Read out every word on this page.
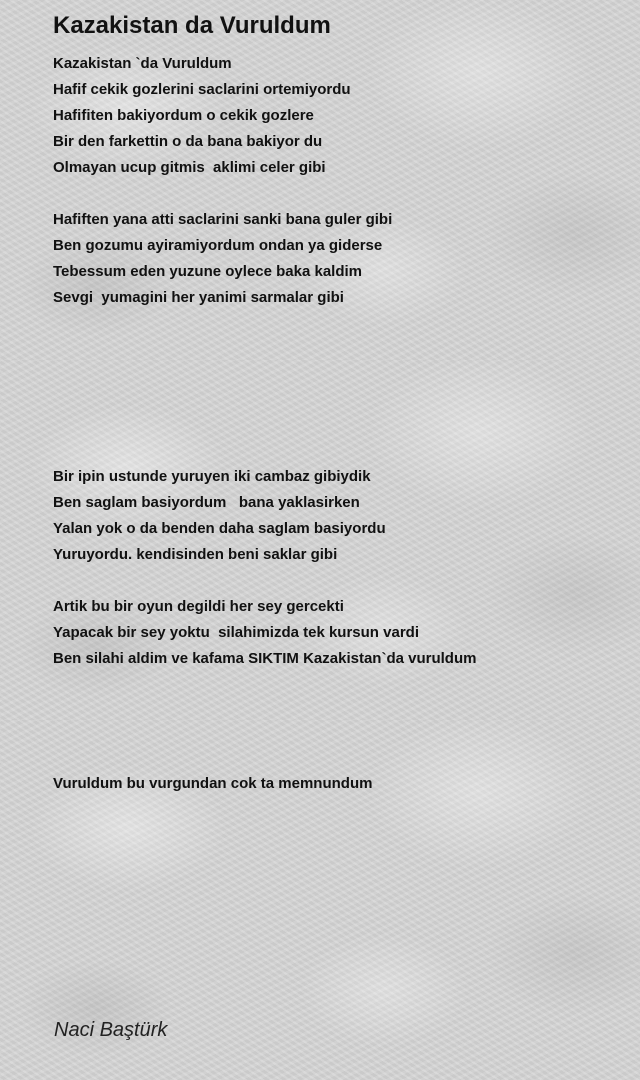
Kazakistan da Vuruldum
Kazakistan `da Vuruldum
Hafif cekik gozlerini saclarini ortemiyordu
Hafifiten bakiyordum o cekik gozlere
Bir den farkettin o da bana bakiyor du
Olmayan ucup gitmis  aklimi celer gibi
Hafiften yana atti saclarini sanki bana guler gibi
Ben gozumu ayiramiyordum ondan ya giderse
Tebessum eden yuzune oylece baka kaldim
Sevgi  yumagini her yanimi sarmalar gibi
Bir ipin ustunde yuruyen iki cambaz gibiydik
Ben saglam basiyordum   bana yaklasirken
Yalan yok o da benden daha saglam basiyordu
Yuruyordu. kendisinden beni saklar gibi
Artik bu bir oyun degildi her sey gercekti
Yapacak bir sey yoktu  silahimizda tek kursun vardi
Ben silahi aldim ve kafama SIKTIM Kazakistan`da vuruldum
Vuruldum bu vurgundan cok ta memnundum
Naci Baştürk
